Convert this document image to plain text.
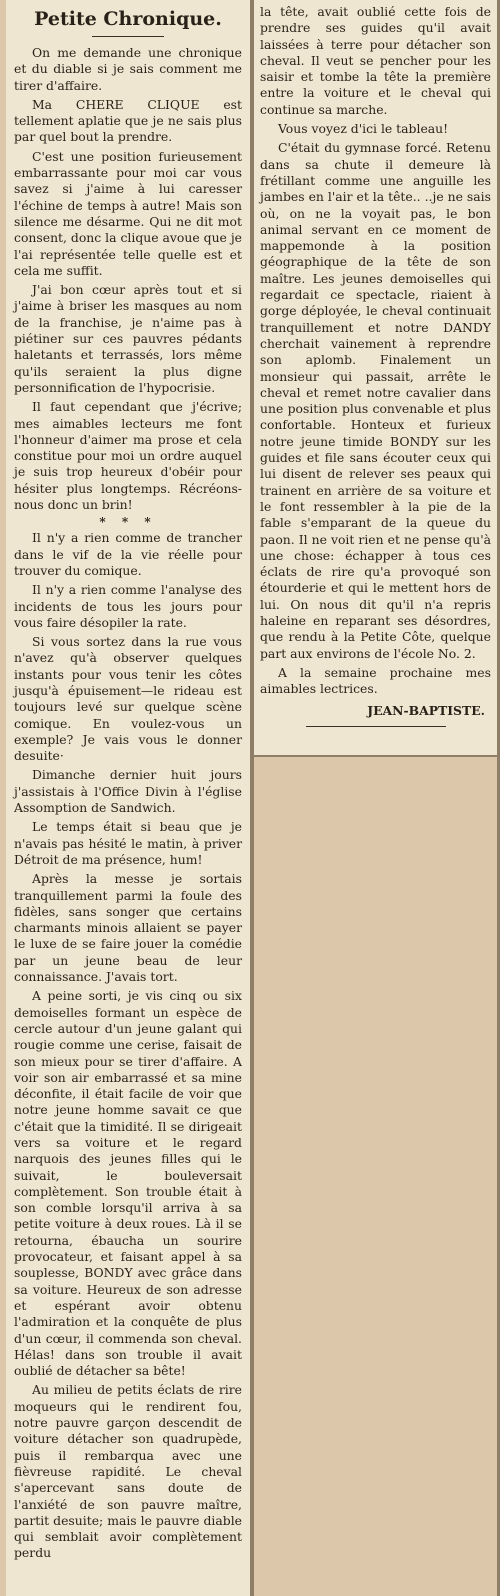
Petite Chronique.

On me demande une chronique et du diable si je sais comment me tirer d'affaire.

Ma CHERE CLIQUE est tellement aplatie que je ne sais plus par quel bout la prendre.

C'est une position furieusement embarrassante pour moi car vous savez si j'aime à lui caresser l'échine de temps à autre! Mais son silence me désarme. Qui ne dit mot consent, donc la clique avoue que je l'ai représentée telle quelle est et cela me suffit.

J'ai bon cœur après tout et si j'aime à briser les masques au nom de la franchise, je n'aime pas à piétiner sur ces pauvres pédants haletants et terrassés, lors même qu'ils seraient la plus digne personnification de l'hypocrisie.

Il faut cependant que j'écrive; mes aimables lecteurs me font l'honneur d'aimer ma prose et cela constitue pour moi un ordre auquel je suis trop heureux d'obéir pour hésiter plus longtemps. Récréons-nous donc un brin!

* * *

Il n'y a rien comme de trancher dans le vif de la vie réelle pour trouver du comique.

Il n'y a rien comme l'analyse des incidents de tous les jours pour vous faire désopiler la rate.

Si vous sortez dans la rue vous n'avez qu'à observer quelques instants pour vous tenir les côtes jusqu'à épuisement—le rideau est toujours levé sur quelque scène comique. En voulez-vous un exemple? Je vais vous le donner desuite·

Dimanche dernier huit jours j'assistais à l'Office Divin à l'église Assomption de Sandwich.

Le temps était si beau que je n'avais pas hésité le matin, à priver Détroit de ma présence, hum!

Après la messe je sortais tranquillement parmi la foule des fidèles, sans songer que certains charmants minois allaient se payer le luxe de se faire jouer la comédie par un jeune beau de leur connaissance. J'avais tort.

A peine sorti, je vis cinq ou six demoiselles formant un espèce de cercle autour d'un jeune galant qui rougie comme une cerise, faisait de son mieux pour se tirer d'affaire. A voir son air embarrassé et sa mine déconfite, il était facile de voir que notre jeune homme savait ce que c'était que la timidité. Il se dirigeait vers sa voiture et le regard narquois des jeunes filles qui le suivait, le bouleversait complètement. Son trouble était à son comble lorsqu'il arriva à sa petite voiture à deux roues. Là il se retourna, ébaucha un sourire provocateur, et faisant appel à sa souplesse, BONDY avec grâce dans sa voiture. Heureux de son adresse et espérant avoir obtenu l'admiration et la conquête de plus d'un cœur, il commenda son cheval. Hélas! dans son trouble il avait oublié de détacher sa bête!

Au milieu de petits éclats de rire moqueurs qui le rendirent fou, notre pauvre garçon descendit de voiture détacher son quadrupède, puis il rembarqua avec une fièvreuse rapidité. Le cheval s'apercevant sans doute de l'anxiété de son pauvre maître, partit desuite; mais le pauvre diable qui semblait avoir complètement perdu

la tête, avait oublié cette fois de prendre ses guides qu'il avait laissées à terre pour détacher son cheval. Il veut se pencher pour les saisir et tombe la tête la première entre la voiture et le cheval qui continue sa marche.

Vous voyez d'ici le tableau!

C'était du gymnase forcé. Retenu dans sa chute il demeure là frétillant comme une anguille les jambes en l'air et la tête.. ..je ne sais où, on ne la voyait pas, le bon animal servant en ce moment de mappemonde à la position géographique de la tête de son maître. Les jeunes demoiselles qui regardait ce spectacle, riaient à gorge déployée, le cheval continuait tranquillement et notre DANDY cherchait vainement à reprendre son aplomb. Finalement un monsieur qui passait, arrête le cheval et remet notre cavalier dans une position plus convenable et plus confortable. Honteux et furieux notre jeune timide BONDY sur les guides et file sans écouter ceux qui lui disent de relever ses peaux qui trainent en arrière de sa voiture et le font ressembler à la pie de la fable s'emparant de la queue du paon. Il ne voit rien et ne pense qu'à une chose: échapper à tous ces éclats de rire qu'a provoqué son étourderie et qui le mettent hors de lui. On nous dit qu'il n'a repris haleine en reparant ses désordres, que rendu à la Petite Côte, quelque part aux environs de l'école No. 2.

A la semaine prochaine mes aimables lectrices.

JEAN-BAPTISTE.
